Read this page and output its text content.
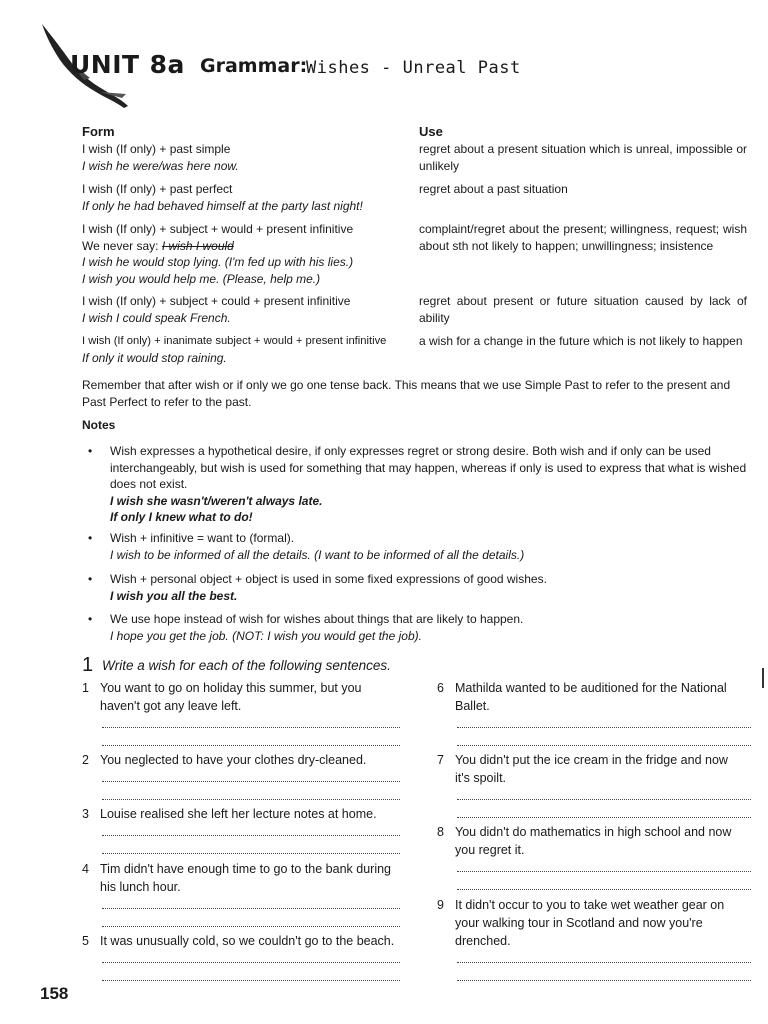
UNIT 8a Grammar:
Wishes - Unreal Past
Form	Use
I wish (If only) + past simple
I wish he were/was here now.
regret about a present situation which is unreal, impossible or unlikely
I wish (If only) + past perfect
If only he had behaved himself at the party last night!
regret about a past situation
I wish (If only) + subject + would + present infinitive
We never say: I wish I would
I wish he would stop lying. (I'm fed up with his lies.)
I wish you would help me. (Please, help me.)
complaint/regret about the present; willingness, request; wish about sth not likely to happen; unwillingness; insistence
I wish (If only) + subject + could + present infinitive
I wish I could speak French.
regret about present or future situation caused by lack of ability
I wish (If only) + inanimate subject + would + present infinitive
If only it would stop raining.
a wish for a change in the future which is not likely to happen
Remember that after wish or if only we go one tense back. This means that we use Simple Past to refer to the present and Past Perfect to refer to the past.
Notes
• Wish expresses a hypothetical desire, if only expresses regret or strong desire. Both wish and if only can be used interchangeably, but wish is used for something that may happen, whereas if only is used to express that what is wished does not exist.
I wish she wasn't/weren't always late.
If only I knew what to do!
• Wish + infinitive = want to (formal).
I wish to be informed of all the details. (I want to be informed of all the details.)
• Wish + personal object + object is used in some fixed expressions of good wishes.
I wish you all the best.
• We use hope instead of wish for wishes about things that are likely to happen.
I hope you get the job. (NOT: I wish you would get the job).
1 Write a wish for each of the following sentences.
1 You want to go on holiday this summer, but you
haven't got any leave left.
2 You neglected to have your clothes dry-cleaned.
3 Louise realised she left her lecture notes at home.
4 Tim didn't have enough time to go to the bank during
his lunch hour.
5 It was unusually cold, so we couldn't go to the beach.
6 Mathilda wanted to be auditioned for the National
Ballet.
7 You didn't put the ice cream in the fridge and now
it's spoilt.
8 You didn't do mathematics in high school and now
you regret it.
9 It didn't occur to you to take wet weather gear on
your walking tour in Scotland and now you're
drenched.
158
